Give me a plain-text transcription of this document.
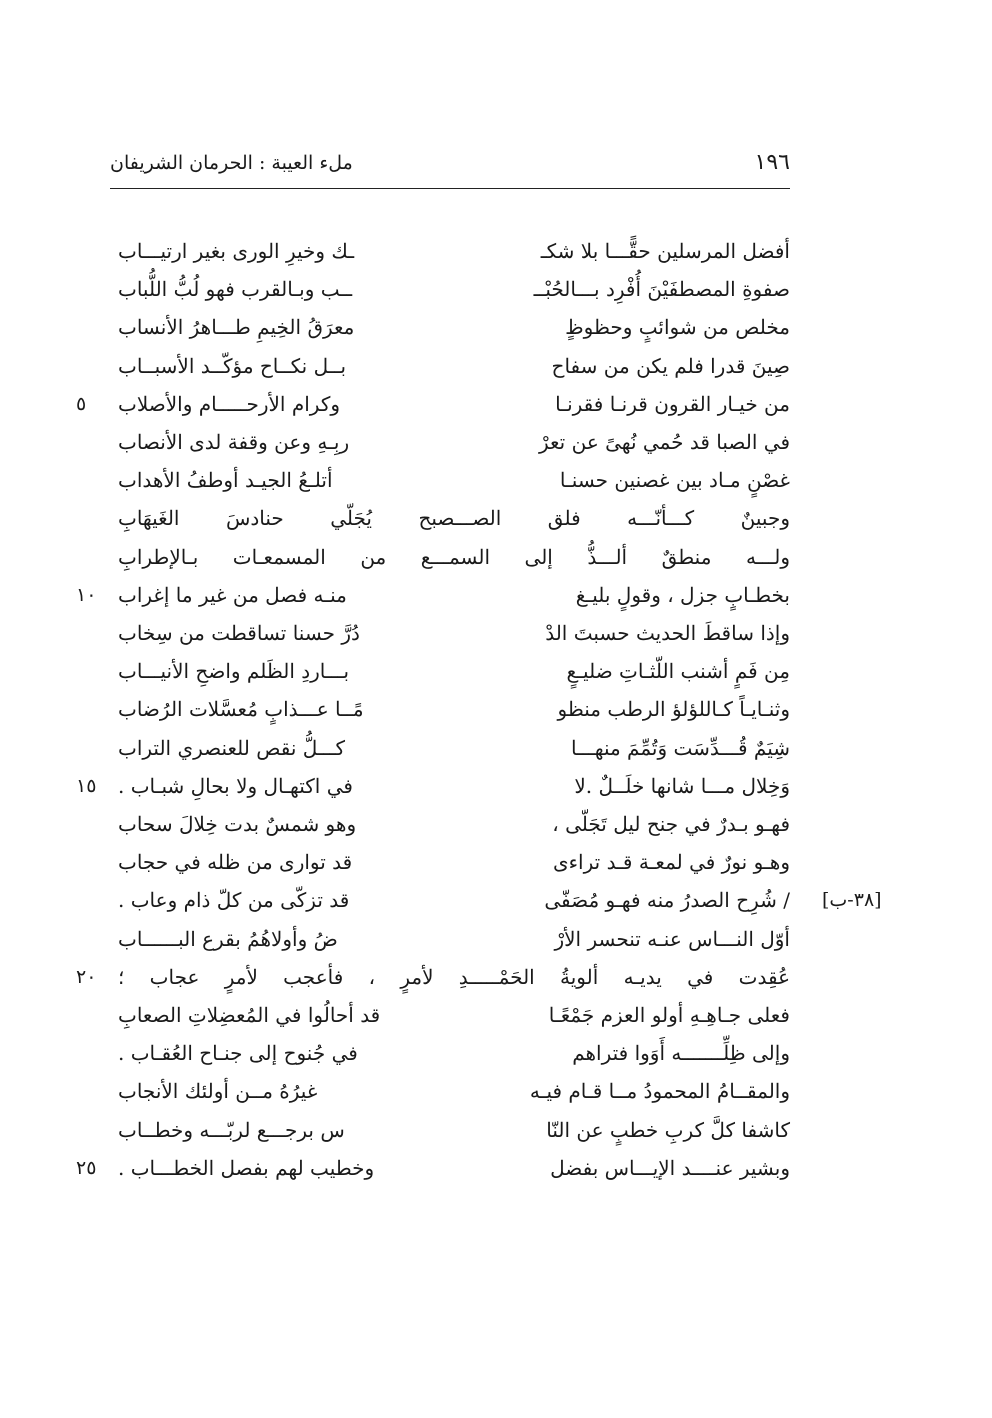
١٩٦
ملء العيبة : الحرمان الشريفان
أفضل المرسلين حقًّـــا بلا شكـ
ـك وخيرِ الورى بغير ارتيـــاب
صفوةِ المصطفَيْنَ أُفْرِد بـــالحُبْــ
ــب وبـالقرب فهو لُبُّ اللُّباب
مخلص من شوائبٍ وحظوظٍ
معرَقُ الخِيمِ طـــاهرُ الأنساب
صِينَ قدرا فلم يكن من سفاح
بــل نكــاح مؤكّــد الأسبــاب
من خيـار القرون قرنـا فقرنـا
وكرام الأرحـــــام والأصلاب
في الصبا قد حُمي نُهىً عن تعرْ
ربِـهِ وعن وقفة لدى الأنصاب
غصْنٍ مـاد بين غصنين حسنـا
أتلـعُ الجيـد أوطفُ الأهداب
وجبينٌ كـــأنّـــه فلق الصـــصبح يُجَلّي حنادسَ الغَيهَابِ
ولـــه منطقٌ ألـــذُّ إلى السمـــع من المسمعـات بـالإطرابِ
بخطـابٍ جزل ، وقولٍ بليـغ
منـه فصل من غير ما إغراب
وإذا ساقطَ الحديث حسبتَ الدْ
دُرَّ حسنا تساقطت من سِخاب
مِن فَمٍ أشنب اللّثـاتِ ضليـعٍ
بـــاردِ الظَلم واضحِ الأنيـــاب
وثنـايـاً كـاللؤلؤ الرطب منظو
مًــا عـــذابٍ مُعسَّلات الرُضاب
شِيَمٌ قُـــدِّسَت وَتُمِّمَ منهـــا
كـــلُّ نقص للعنصري التراب
وَخِلال مـــا شانها خلَــلٌ .لا
في اكتهـال ولا بحالِ شبـاب .
فهـو بـدرٌ في جنح ليل تَجَلّى ،
وهو شمسٌ بدت خِلالَ سحاب
وهـو نورٌ في لمعـة قـد تراءى
قد توارى من ظله في حجاب
/ شُرِح الصدرُ منه فهـو مُصَفّى
قد تزكّى من كلّ ذام وعاب .
أوّل النـــاس عنـه تنحسر الأرْ
ضُ وأولاهُمُ بقرع البــــــاب
عُقِدت في يديـه ألويةُ الحَمْـــــدِ لأمرٍ ، فأعجب لأمرٍ عجاب ؛
فعلى جـاهِـهِ أولو العزم جَمْعًـا
قد أحالُوا في المُعضِلاتِ الصعابِ
وإلى ظِلِّـــــــه أَوَوا فتراهم
في جُنوح إلى جنـاح العُقـاب .
والمقــامُ المحمودُ مــا قـام فيـه
غيرُهُ مــن أولئك الأنجاب
كاشفا كلَّ كربِ خطبٍ عن النّا
س برجـــع لربّـــه وخطــاب
وبشير عنــــد الإيـــاس بفضل
وخطيب لهم بفصل الخطـــاب .
٥
١٠
١٥
٢٠
٢٥
[٣٨-ب]
